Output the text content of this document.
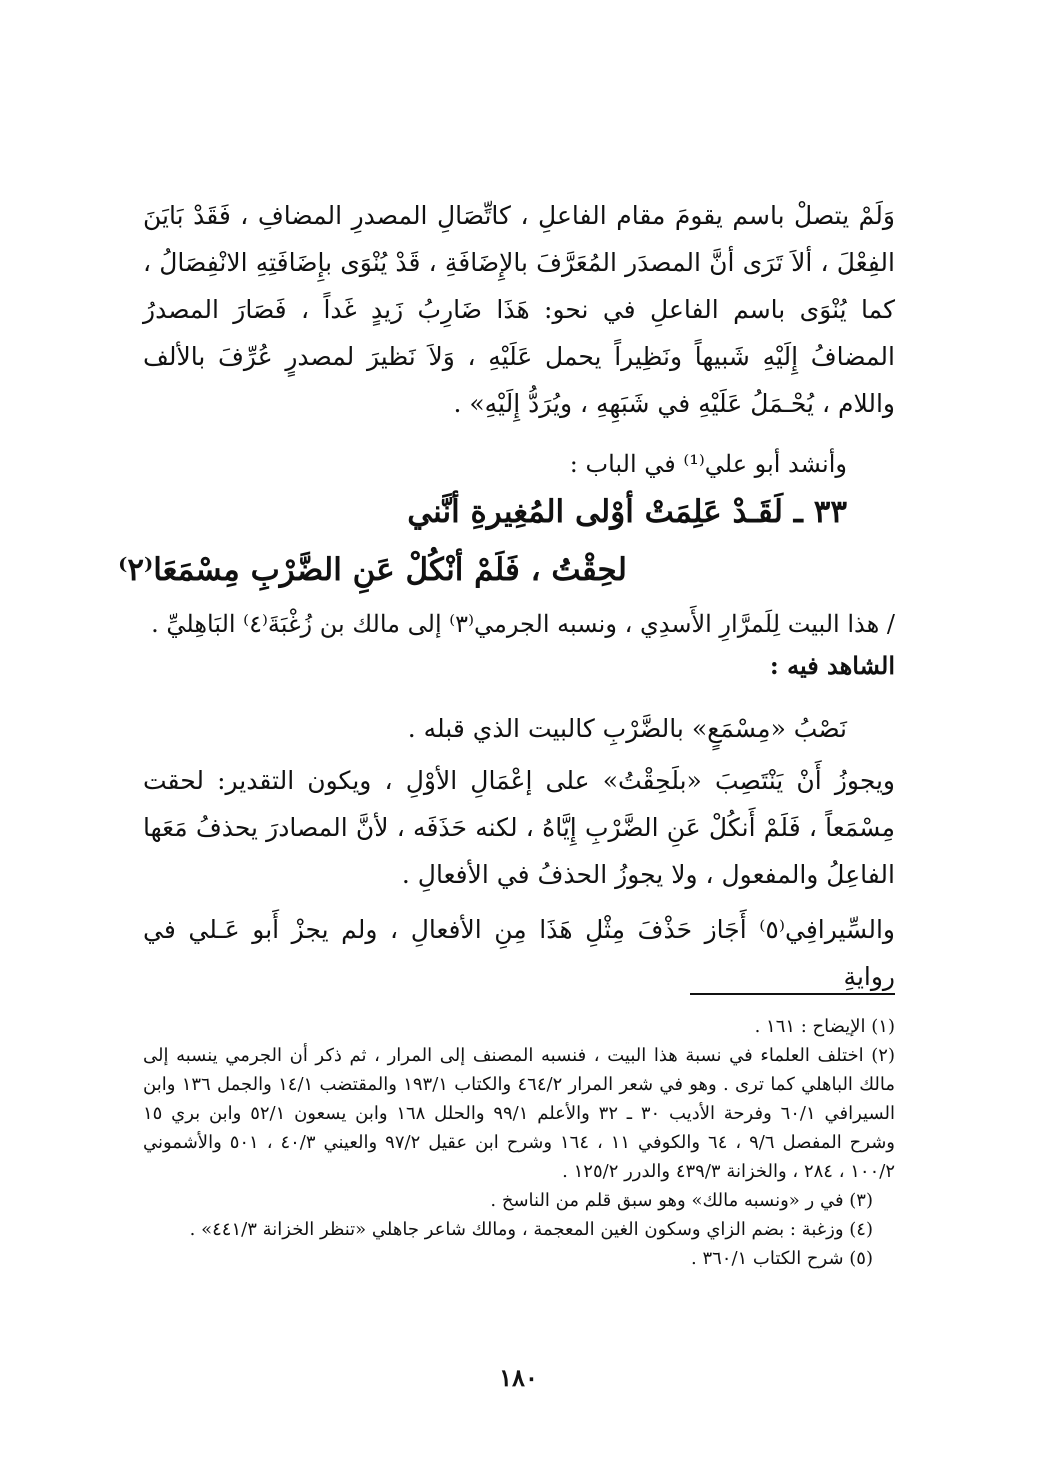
وَلَمْ يتصلْ باسم يقومَ مقام الفاعلِ ، كاتِّصَالِ المصدرِ المضافِ ، فَقَدْ بَايَنَ الفِعْلَ ، ألاَ تَرَى أنَّ المصدَر المُعَرَّفَ بالإِضَافَةِ ، قَدْ يُنْوَى بإِضَافَتِهِ الانْفِصَالُ ، كما يُنْوَى باسم الفاعلِ في نحو: هَذَا ضَارِبُ زَيدٍ غَداً ، فَصَارَ المصدرُ المضافُ إِلَيْهِ شَبيهاً ونَظِيراً يحمل عَلَيْهِ ، وَلاَ نَظيرَ لمصدرٍ عُرِّفَ بالألف واللام ، يُحْـمَلُ عَلَيْهِ في شَبَهِهِ ، ويُرَدُّ إِلَيْهِ» .

وأنشد أبو علي⁽¹⁾ في الباب :

٣٣ ـ لَقَـدْ عَلِمَتْ أوْلى المُغِيرةِ أنَّني
لحِقْتُ ، فَلَمْ أنْكُلْ عَنِ الضَّرْبِ مِسْمَعَا⁽٢⁾

/ هذا البيت لِلَمرَّارِ الأَسدِي ، ونسبه الجرمي⁽٣⁾ إلى مالك بن زُغْبَةَ⁽٤⁾ البَاهِليِّ .

الشاهد فيه :

نَصْبُ «مِسْمَعٍ» بالضَّرْبِ كالبيت الذي قبله .

ويجوزُ أَنْ يَنْتَصِبَ «بلَحِقْتُ» على إعْمَالِ الأوْلِ ، ويكون التقدير: لحقت مِسْمَعاً ، فَلَمْ أَنكُلْ عَنِ الضَّرْبِ إِيَّاهُ ، لكنه حَذَفَه ، لأنَّ المصادرَ يحذفُ مَعَها الفاعِلُ والمفعول ، ولا يجوزُ الحذفُ في الأفعالِ .

والسِّيرافِي⁽٥⁾ أَجَاز حَذْفَ مِثْلِ هَذَا مِنِ الأفعالِ ، ولم يجزْ أَبو عَـلي في روايةِ

(١) الإيضاح : ١٦١ .

(٢) اختلف العلماء في نسبة هذا البيت ، فنسبه المصنف إلى المرار ، ثم ذكر أن الجرمي ينسبه إلى مالك الباهلي كما ترى . وهو في شعر المرار ٤٦٤/٢ والكتاب ١٩٣/١ والمقتضب ١٤/١ والجمل ١٣٦ وابن السيرافي ٦٠/١ وفرحة الأديب ٣٠ ـ ٣٢ والأعلم ٩٩/١ والحلل ١٦٨ وابن يسعون ٥٢/١ وابن بري ١٥ وشرح المفصل ٩/٦ ، ٦٤ والكوفي ١١ ، ١٦٤ وشرح ابن عقيل ٩٧/٢ والعيني ٤٠/٣ ، ٥٠١ والأشموني ١٠٠/٢ ، ٢٨٤ ، والخزانة ٤٣٩/٣ والدرر ١٢٥/٢ .

(٣) في ر «ونسبه مالك» وهو سبق قلم من الناسخ .

(٤) وزغبة : بضم الزاي وسكون الغين المعجمة ، ومالك شاعر جاهلي «تنظر الخزانة ٤٤١/٣» .

(٥) شرح الكتاب ٣٦٠/١ .

١٨٠
